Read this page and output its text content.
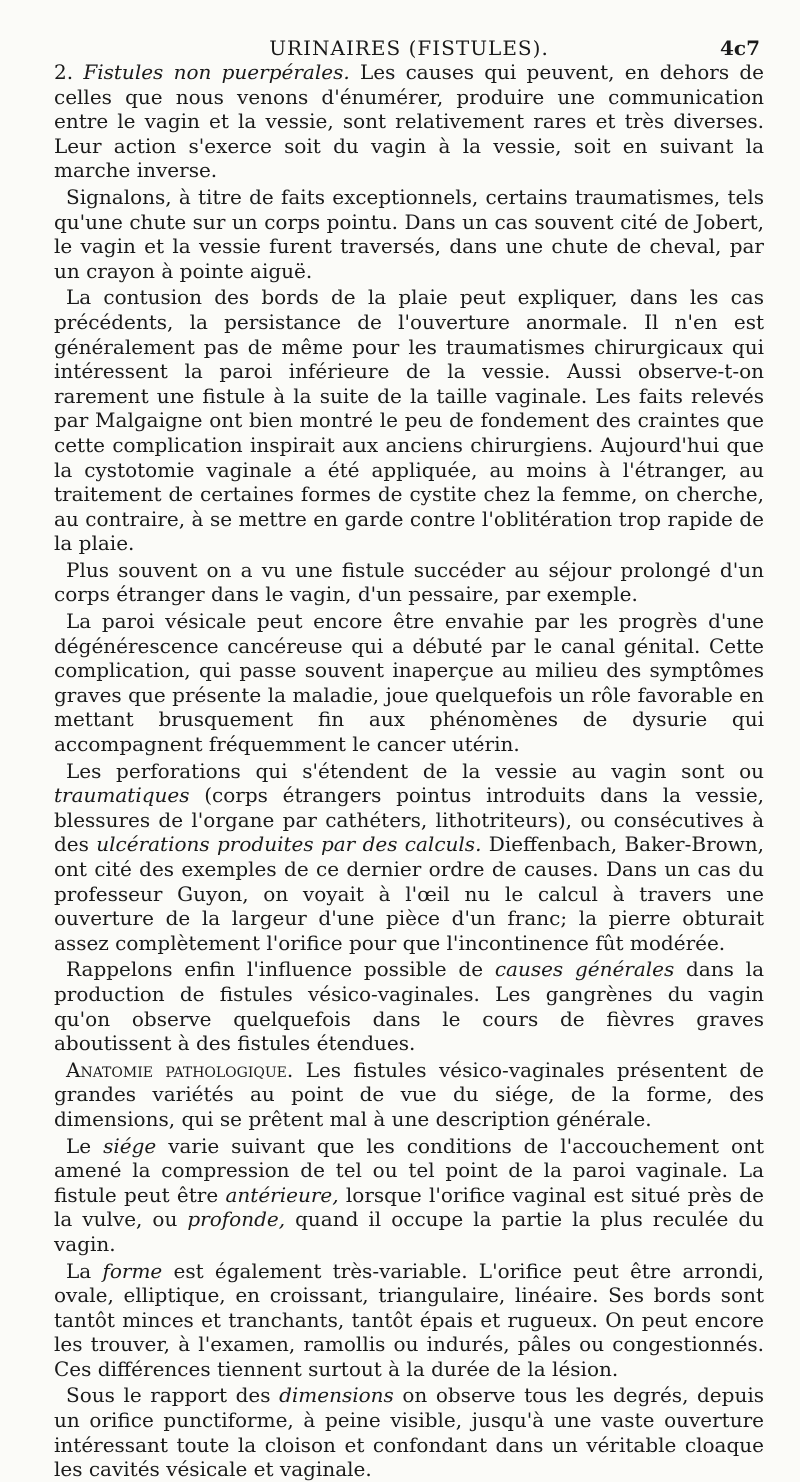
URINAIRES (FISTULES).	4c7

2. Fistules non puerpérales. Les causes qui peuvent, en dehors de celles que nous venons d'énumérer, produire une communication entre le vagin et la vessie, sont relativement rares et très diverses. Leur action s'exerce soit du vagin à la vessie, soit en suivant la marche inverse.

Signalons, à titre de faits exceptionnels, certains traumatismes, tels qu'une chute sur un corps pointu. Dans un cas souvent cité de Jobert, le vagin et la vessie furent traversés, dans une chute de cheval, par un crayon à pointe aiguë.

La contusion des bords de la plaie peut expliquer, dans les cas précédents, la persistance de l'ouverture anormale. Il n'en est généralement pas de même pour les traumatismes chirurgicaux qui intéressent la paroi inférieure de la vessie. Aussi observe-t-on rarement une fistule à la suite de la taille vaginale. Les faits relevés par Malgaigne ont bien montré le peu de fondement des craintes que cette complication inspirait aux anciens chirurgiens. Aujourd'hui que la cystotomie vaginale a été appliquée, au moins à l'étranger, au traitement de certaines formes de cystite chez la femme, on cherche, au contraire, à se mettre en garde contre l'oblitération trop rapide de la plaie.

Plus souvent on a vu une fistule succéder au séjour prolongé d'un corps étranger dans le vagin, d'un pessaire, par exemple.

La paroi vésicale peut encore être envahie par les progrès d'une dégénérescence cancéreuse qui a débuté par le canal génital. Cette complication, qui passe souvent inaperçue au milieu des symptômes graves que présente la maladie, joue quelquefois un rôle favorable en mettant brusquement fin aux phénomènes de dysurie qui accompagnent fréquemment le cancer utérin.

Les perforations qui s'étendent de la vessie au vagin sont ou traumatiques (corps étrangers pointus introduits dans la vessie, blessures de l'organe par cathéters, lithotriteurs), ou consécutives à des ulcérations produites par des calculs. Dieffenbach, Baker-Brown, ont cité des exemples de ce dernier ordre de causes. Dans un cas du professeur Guyon, on voyait à l'œil nu le calcul à travers une ouverture de la largeur d'une pièce d'un franc; la pierre obturait assez complètement l'orifice pour que l'incontinence fût modérée.

Rappelons enfin l'influence possible de causes générales dans la production de fistules vésico-vaginales. Les gangrènes du vagin qu'on observe quelquefois dans le cours de fièvres graves aboutissent à des fistules étendues.

Anatomie pathologique. Les fistules vésico-vaginales présentent de grandes variétés au point de vue du siége, de la forme, des dimensions, qui se prêtent mal à une description générale.

Le siége varie suivant que les conditions de l'accouchement ont amené la compression de tel ou tel point de la paroi vaginale. La fistule peut être antérieure, lorsque l'orifice vaginal est situé près de la vulve, ou profonde, quand il occupe la partie la plus reculée du vagin.

La forme est également très-variable. L'orifice peut être arrondi, ovale, elliptique, en croissant, triangulaire, linéaire. Ses bords sont tantôt minces et tranchants, tantôt épais et rugueux. On peut encore les trouver, à l'examen, ramollis ou indurés, pâles ou congestionnés. Ces différences tiennent surtout à la durée de la lésion.

Sous le rapport des dimensions on observe tous les degrés, depuis un orifice punctiforme, à peine visible, jusqu'à une vaste ouverture intéressant toute la cloison et confondant dans un véritable cloaque les cavités vésicale et vaginale.
